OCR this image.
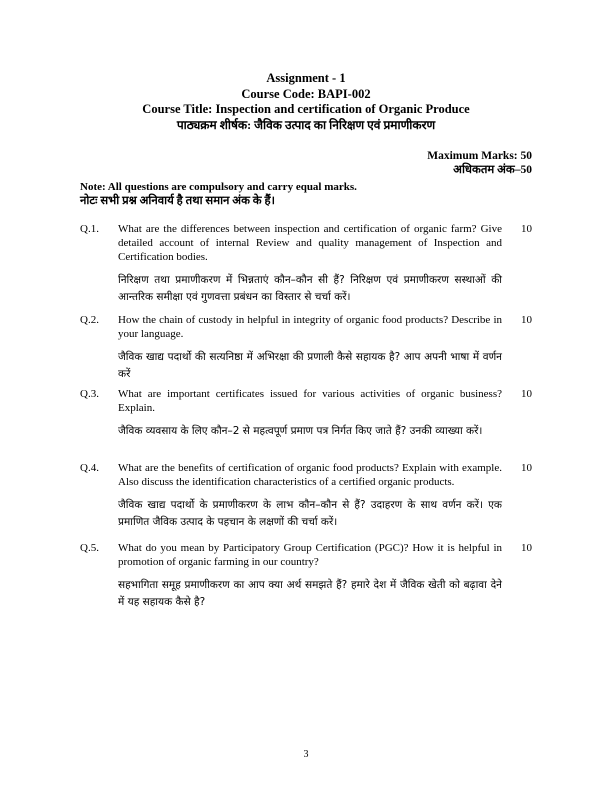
Assignment - 1
Course Code: BAPI-002
Course Title: Inspection and certification of Organic Produce
पाठ्यक्रम शीर्षक: जैविक उत्पाद का निरिक्षण एवं प्रमाणीकरण
Maximum Marks: 50
अधिकतम अंक–50
Note: All questions are compulsory and carry equal marks.
नोटः सभी प्रश्न अनिवार्य है तथा समान अंक के हैं।
Q.1. What are the differences between inspection and certification of organic farm? Give detailed account of internal Review and quality management of Inspection and Certification bodies.
निरिक्षण तथा प्रमाणीकरण में भिन्नताएं कौन–कौन सी हैं? निरिक्षण एवं प्रमाणीकरण सस्थाओं की आन्तरिक समीक्षा एवं गुणवत्ता प्रबंधन का विस्तार से चर्चा करें।
10
Q.2. How the chain of custody in helpful in integrity of organic food products? Describe in your language.
जैविक खाद्य पदार्थो की सत्यनिष्ठा में अभिरक्षा की प्रणाली कैसे सहायक है? आप अपनी भाषा में वर्णन करें
10
Q.3. What are important certificates issued for various activities of organic business? Explain.
जैविक व्यवसाय के लिए कौन–2 से महत्वपूर्ण प्रमाण पत्र निर्गत किए जाते हैं? उनकी व्याख्या करें।
10
Q.4. What are the benefits of certification of organic food products? Explain with example. Also discuss the identification characteristics of a certified organic products.
जैविक खाद्य पदार्थो के प्रमाणीकरण के लाभ कौन–कौन से हैं? उदाहरण के साथ वर्णन करें। एक प्रमाणित जैविक उत्पाद के पहचान के लक्षणों की चर्चा करें।
10
Q.5. What do you mean by Participatory Group Certification (PGC)? How it is helpful in promotion of organic farming in our country?
सहभागिता समूह प्रमाणीकरण का आप क्या अर्थ समझते हैं? हमारे देश में जैविक खेती को बढ़ावा देने में यह सहायक कैसे है?
10
3
